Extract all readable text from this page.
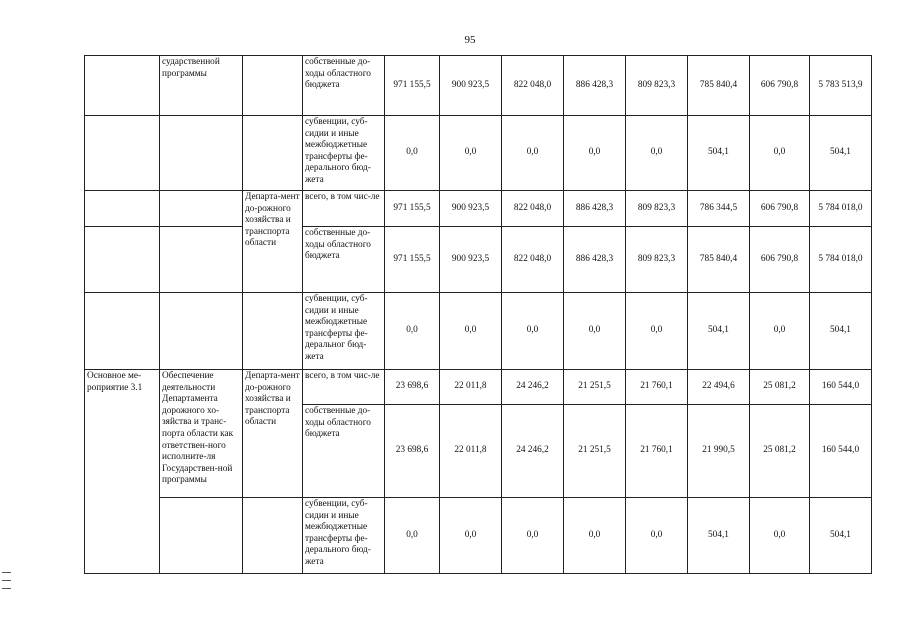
95
	сударственной программы		собственные до-ходы областного бюджета	971 155,5	900 923,5	822 048,0	886 428,3	809 823,3	785 840,4	606 790,8	5 783 513,9
			субвенции, суб-сидии и иные межбюджетные трансферты фе-дерального бюд-жета	0,0	0,0	0,0	0,0	0,0	504,1	0,0	504,1
		Департа-мент до-рожного хозяйства и транспорта области	всего, в том чис-ле	971 155,5	900 923,5	822 048,0	886 428,3	809 823,3	786 344,5	606 790,8	5 784 018,0
			собственные до-ходы областного бюджета	971 155,5	900 923,5	822 048,0	886 428,3	809 823,3	785 840,4	606 790,8	5 784 018,0
			субвенции, суб-сидии и иные межбюджетные трансферты фе-деральног бюд-жета	0,0	0,0	0,0	0,0	0,0	504,1	0,0	504,1
Основное ме-роприятие 3.1	Обеспечение деятельности Департамента дорожного хо-зяйства и транс-порта области как ответствен-ного исполните-ля Государствен-ной программы	Департа-мент до-рожного хозяйства и транспорта области	всего, в том чис-ле	23 698,6	22 011,8	24 246,2	21 251,5	21 760,1	22 494,6	25 081,2	160 544,0
			собственные до-ходы областного бюджета	23 698,6	22 011,8	24 246,2	21 251,5	21 760,1	21 990,5	25 081,2	160 544,0
			субвенции, суб-сидин и иные межбюджетные трансферты фе-дерального бюд-жета	0,0	0,0	0,0	0,0	0,0	504,1	0,0	504,1
